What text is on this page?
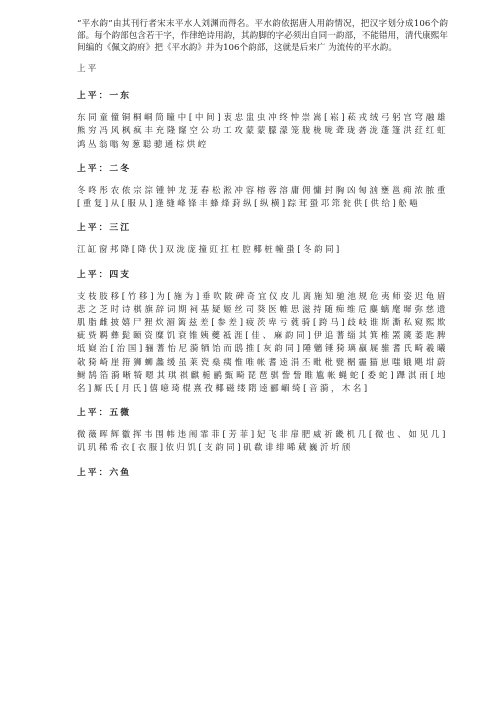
“平水韵”由其刊行者宋末平水人刘渊而得名。平水韵依据唐人用韵情况，把汉字划分成106个韵部。每个韵部包含若干字，作律绝诗用韵，其韵脚的字必须出自同一韵部，不能错用，清代康熙年间编的《佩文韵府》把《平水韵》并为106个韵部，这就是后来广 为流传的平水韵。

上平
上平：一东
东同童僮铜桐峒筒瞳中[中间]衷忠盅虫冲终忡崇嵩[崧]菘戎绒弓躬宫穹融雄熊穷冯风枫疯丰充隆窿空公功工攻蒙蒙朦濛笼胧栊咙聋珑砻泷蓬篷洪荭红虹鸿丛翁嗡匆葱聪骢通棕烘崆
上平：二冬
冬咚彤农侬宗淙锺钟龙茏舂松淞冲容榕蓉溶庸佣慵封胸凶匈汹壅邕痈浓脓重[重复]从[服从]逢缝峰锋丰蜂烽葑纵[纵横]踪茸蛩邛筇瓮供[供给]舩嗈
上平：三江
江缸窗邦降[降伏]双泷庞撞豇扛杠腔椰桩幢蛩[冬韵同]
上平：四支
支枝肢移[竹移]为[施为]垂吹陂碑奇宜仪皮儿离施知驰池规危夷师姿迟龟眉悲之芝时诗棋旗辞词期祠基疑姬丝司葵医帷思滋持随痴维卮麋螭麾墀弥慈遗肌脂雌披嬉尸狸炊湄篱兹差[参差]疲茨卑亏蕤骑[跨马]歧岐谁斯澌私窥熙欺疵赀羁彝髭颐资糜饥衰锥姨夔祗涯[佳、麻韵同]伊追蓍缁其箕椎罴篪萎匙脾坻嶷治[治国]骊蓍怡尼漪牺饴而鸱推[灰韵同]陲魑锤猗璃羸屣骓耆氏畸羲曦欹猗崎崖箝狮蛳蠡缓虽莱瓷燊痍惟唯帐耆逵涓丕毗枇甓榍霾猫崽嗤娥飓坩蔚鲥鹄箔漪晰犄嗯其琪祺麒栀鹂甄畸琵琶骐訾訾睢尴帐蝇蛇[委蛇]蹕淇雨[地名]厮氏[月氏]僖噫琦棍熹孜椰磁缕隋逵郦嵋绮[音漪，木名]
上平：五微
微薇晖辉徽挥韦围帏违闱霏菲[芳菲]妃飞非扉肥威祈畿机几[微也、如见几]讥玑稀希衣[衣服]依归饥[支韵同]矶欷诽绯晞葳巍沂圻颀
上平：六鱼
